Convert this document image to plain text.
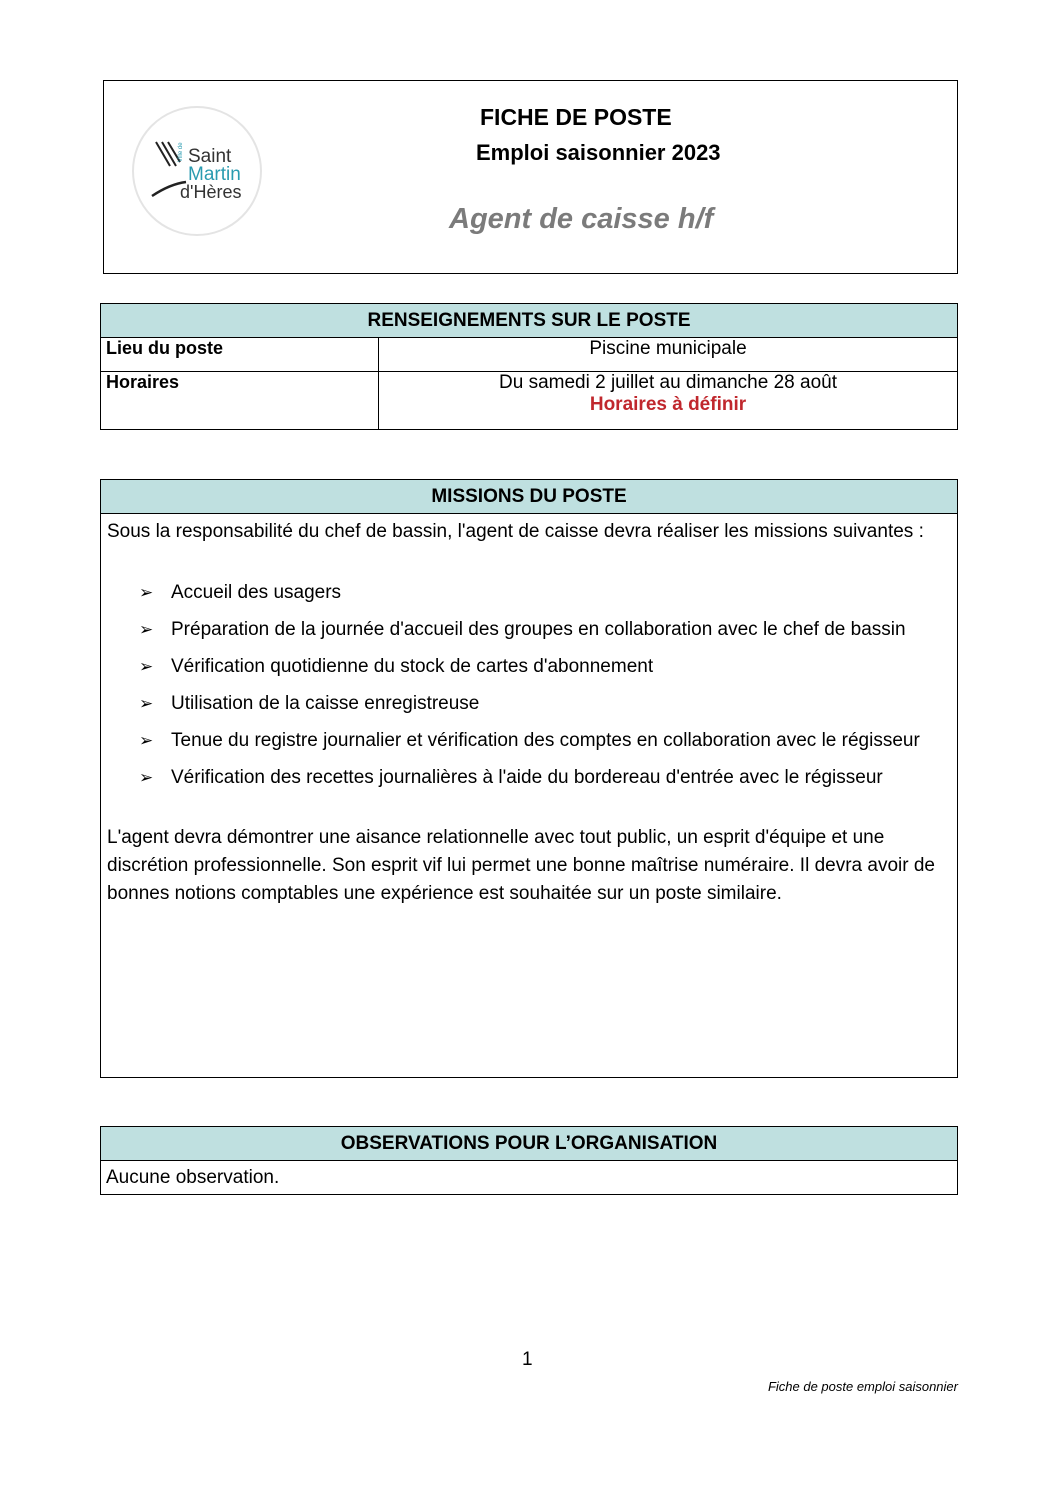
Ville de Saint
Martin
d'Hères
FICHE DE POSTE
Emploi saisonnier 2023
Agent de caisse h/f
RENSEIGNEMENTS SUR LE POSTE	
Lieu du poste	Piscine municipale
Horaires	Du samedi 2 juillet au dimanche 28 août
Horaires à définir
MISSIONS DU POSTE

Sous la responsabilité du chef de bassin, l'agent de caisse devra réaliser les missions suivantes :
➢ Accueil des usagers
➢ Préparation de la journée d'accueil des groupes en collaboration avec le chef de bassin
➢ Vérification quotidienne du stock de cartes d'abonnement
➢ Utilisation de la caisse enregistreuse
➢ Tenue du registre journalier et vérification des comptes en collaboration avec le régisseur
➢ Vérification des recettes journalières à l'aide du bordereau d'entrée avec le régisseur
L'agent devra démontrer une aisance relationnelle avec tout public, un esprit d'équipe et une discrétion professionnelle. Son esprit vif lui permet une bonne maîtrise numéraire. Il devra avoir de bonnes notions comptables une expérience est souhaitée sur un poste similaire.
OBSERVATIONS POUR L’ORGANISATION
Aucune observation.
1
Fiche de poste emploi saisonnier
